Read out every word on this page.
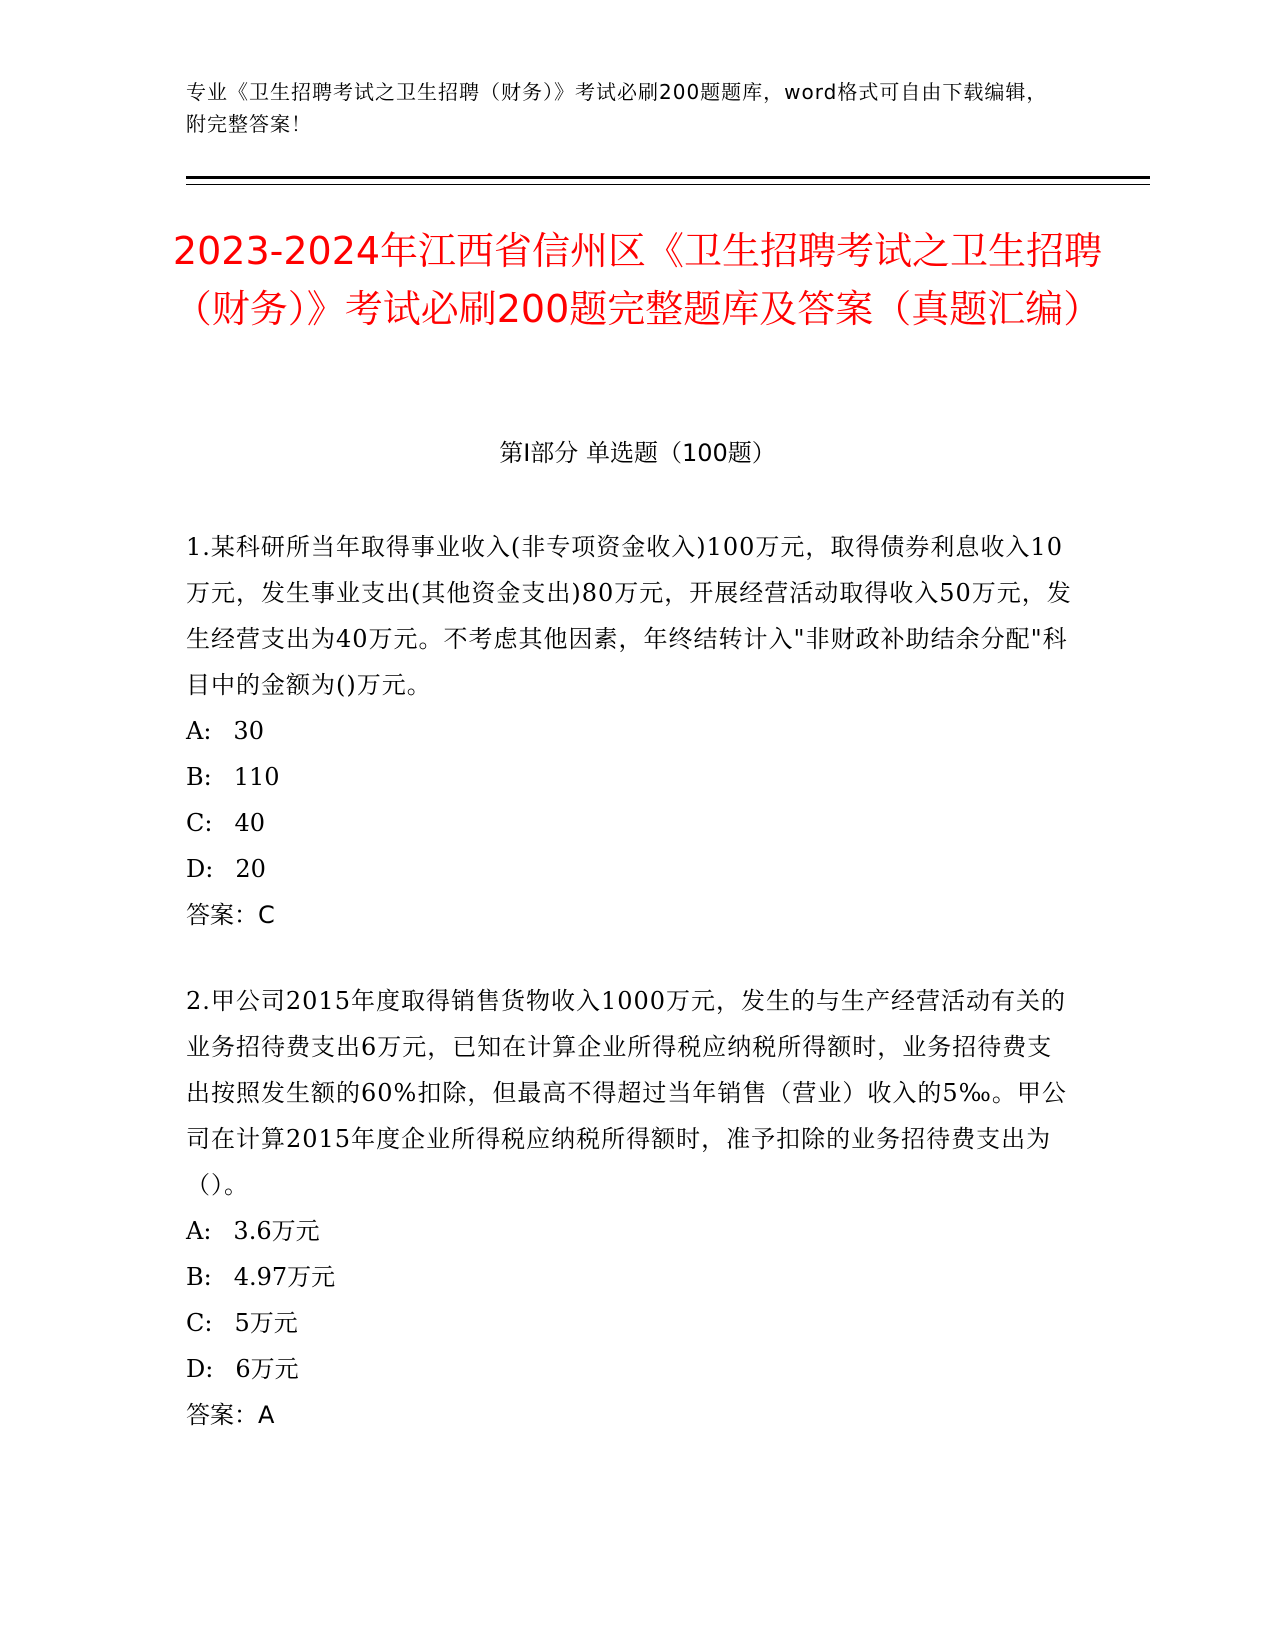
专业《卫生招聘考试之卫生招聘（财务）》考试必刷200题题库，word格式可自由下载编辑，附完整答案！
2023-2024年江西省信州区《卫生招聘考试之卫生招聘（财务）》考试必刷200题完整题库及答案（真题汇编）
第I部分 单选题（100题）

1.某科研所当年取得事业收入(非专项资金收入)100万元，取得债券利息收入10万元，发生事业支出(其他资金支出)80万元，开展经营活动取得收入50万元，发生经营支出为40万元。不考虑其他因素，年终结转计入"非财政补助结余分配"科目中的金额为()万元。

A: 30
B: 110
C: 40
D: 20

答案：C

2.甲公司2015年度取得销售货物收入1000万元，发生的与生产经营活动有关的业务招待费支出6万元，已知在计算企业所得税应纳税所得额时，业务招待费支出按照发生额的60%扣除，但最高不得超过当年销售（营业）收入的5‰。甲公司在计算2015年度企业所得税应纳税所得额时，准予扣除的业务招待费支出为（）。

A: 3.6万元
B: 4.97万元
C: 5万元
D: 6万元

答案：A
